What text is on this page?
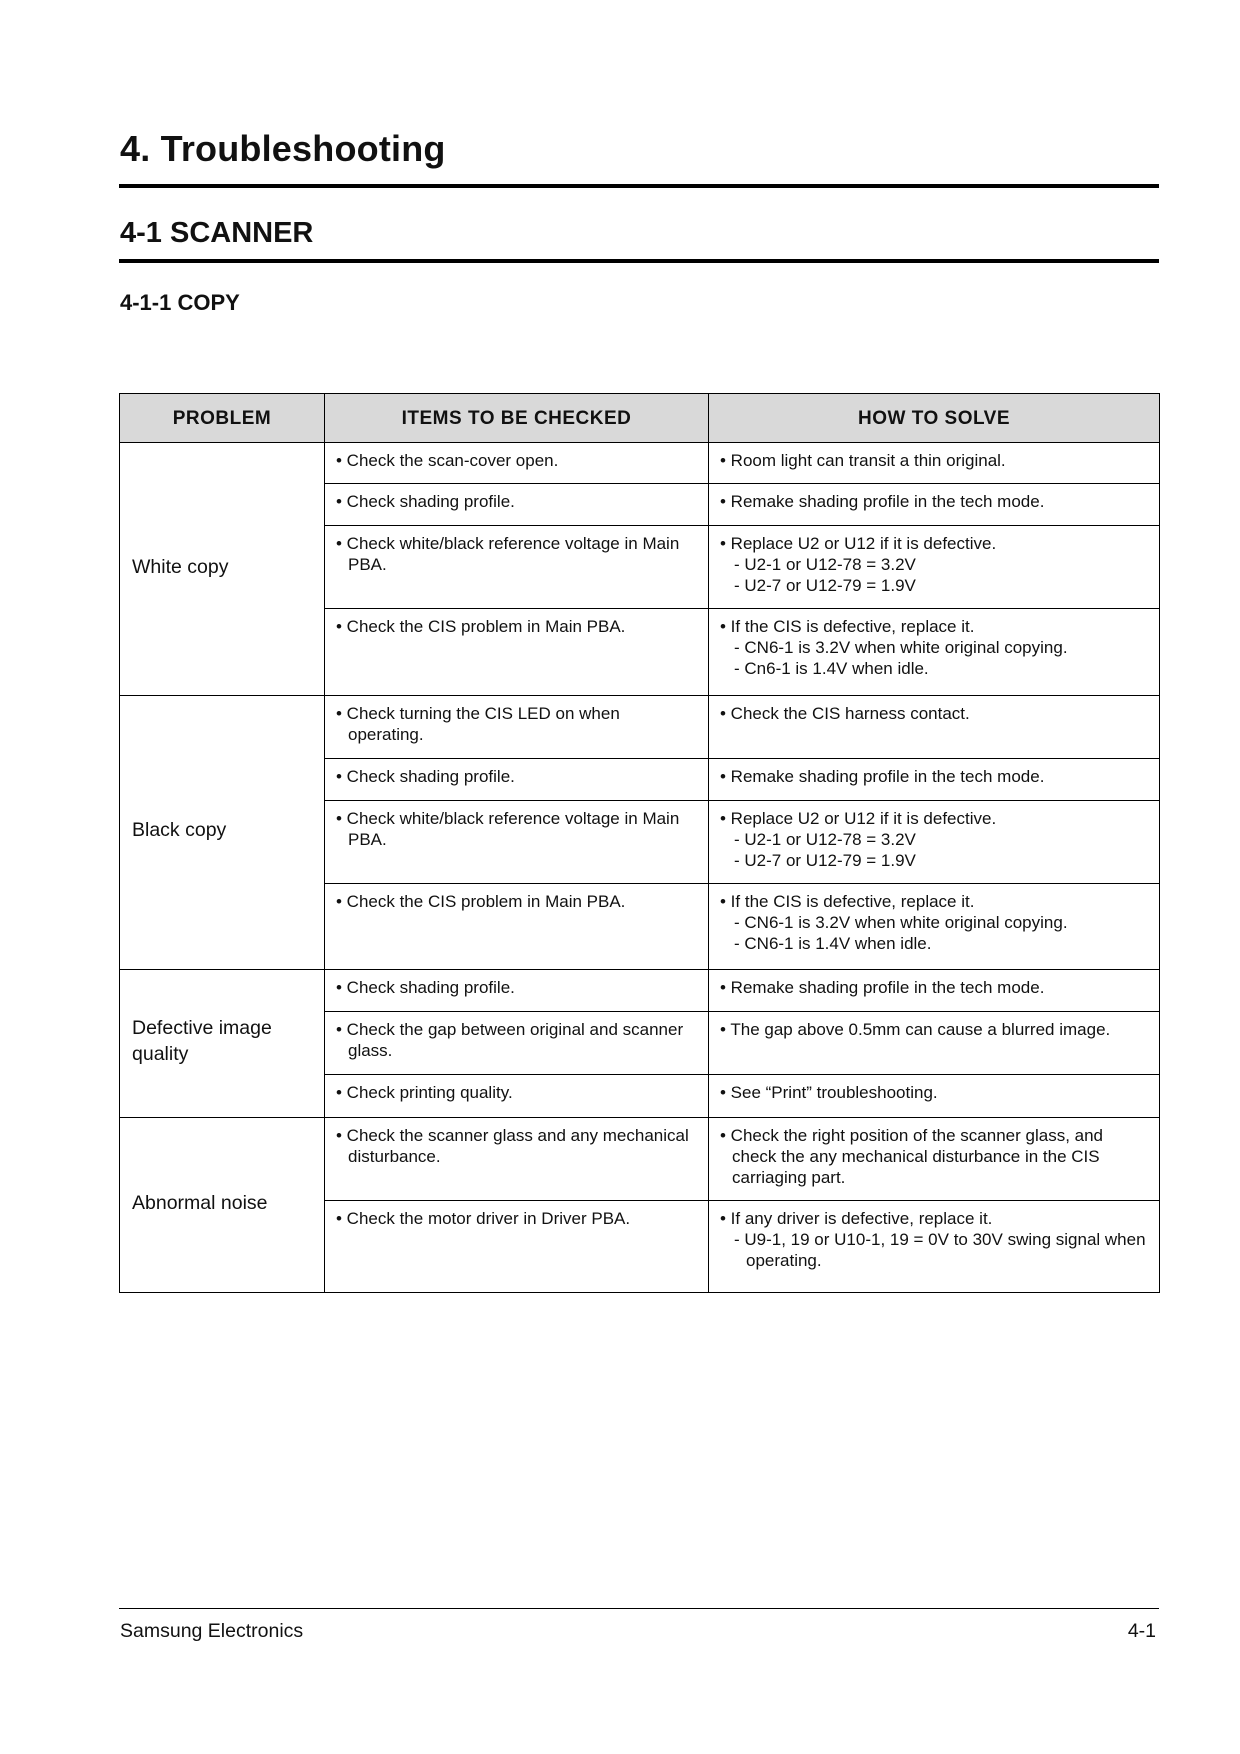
4. Troubleshooting
4-1 SCANNER
4-1-1 COPY
PROBLEM	ITEMS TO BE CHECKED	HOW TO SOLVE
White copy	• Check the scan-cover open.	• Room light can transit a thin original.

	• Check shading profile.	• Remake shading profile in the tech mode.

	• Check white/black reference voltage in Main PBA.	• Replace U2 or U12 if it is defective.
- U2-1 or U12-78 = 3.2V
- U2-7 or U12-79 = 1.9V

	• Check the CIS problem in Main PBA.	• If the CIS is defective, replace it.
- CN6-1 is 3.2V when white original copying.
- Cn6-1 is 1.4V when idle.

Black copy	• Check turning the CIS LED on when operating.	• Check the CIS harness contact.

	• Check shading profile.	• Remake shading profile in the tech mode.

	• Check white/black reference voltage in Main PBA.	• Replace U2 or U12 if it is defective.
- U2-1 or U12-78 = 3.2V
- U2-7 or U12-79 = 1.9V

	• Check the CIS problem in Main PBA.	• If the CIS is defective, replace it.
- CN6-1 is 3.2V when white original copying.
- CN6-1 is 1.4V when idle.

Defective image quality	• Check shading profile.	• Remake shading profile in the tech mode.

	• Check the gap between original and scanner glass.	• The gap above 0.5mm can cause a blurred image.

	• Check printing quality.	• See “Print” troubleshooting.

Abnormal noise	• Check the scanner glass and any mechanical disturbance.	• Check the right position of the scanner glass, and check the any mechanical disturbance in the CIS carriaging part.

	• Check the motor driver in Driver PBA.	• If any driver is defective, replace it.
- U9-1, 19 or U10-1, 19 = 0V to 30V swing signal when operating.
Samsung Electronics	4-1
